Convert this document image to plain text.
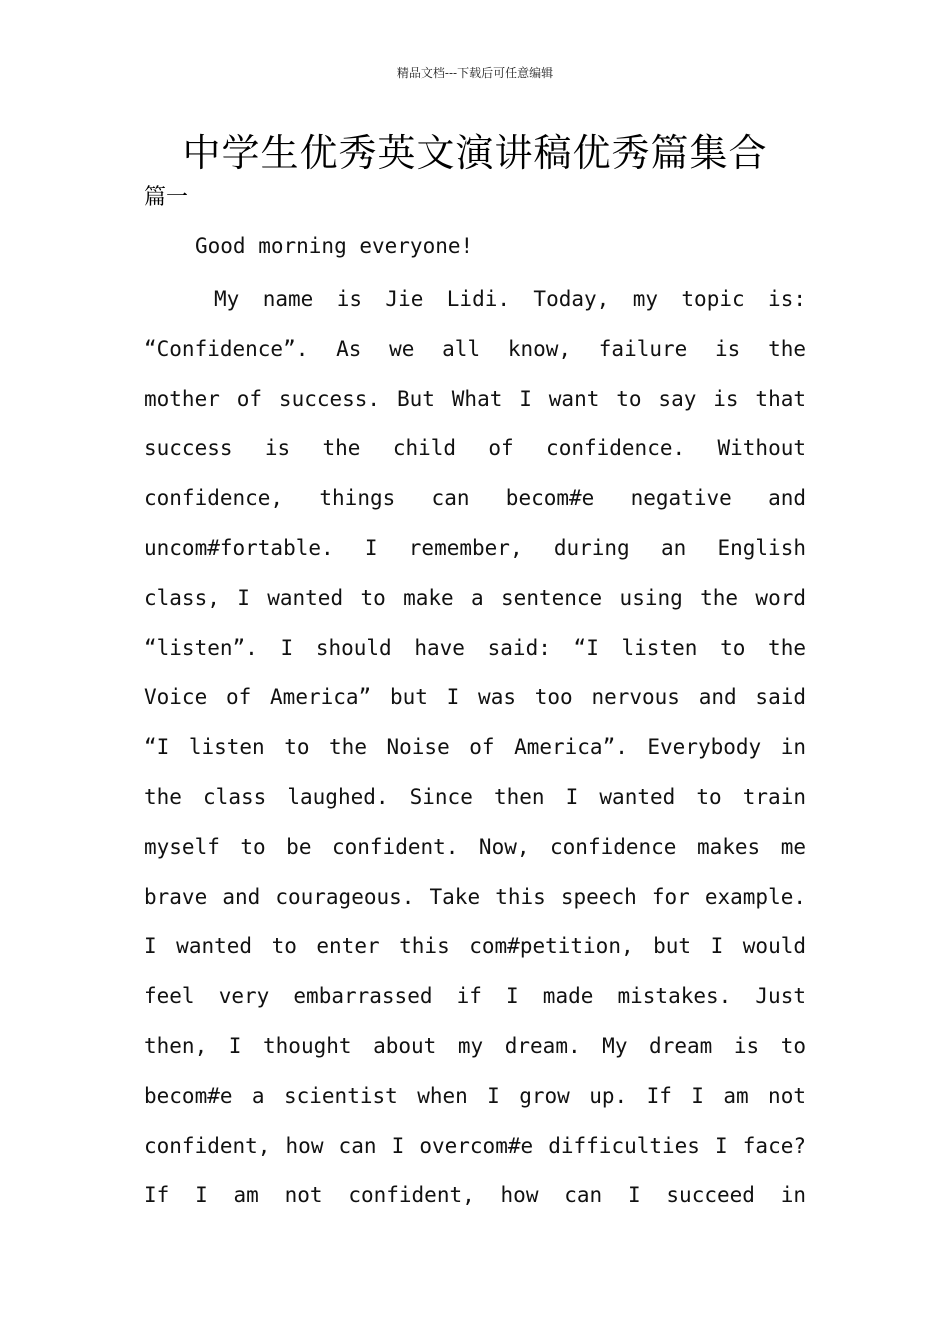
精品文档---下载后可任意编辑
中学生优秀英文演讲稿优秀篇集合
篇一
Good morning everyone!
My name is Jie Lidi. Today, my topic is:
“Confidence”. As we all know, failure is the
mother of success. But What I want to say is that
success is the child of confidence. Without
confidence, things can becom#e negative and
uncom#fortable. I remember, during an English
class, I wanted to make a sentence using the word
“listen”. I should have said: “I listen to the
Voice of America” but I was too nervous and said
“I listen to the Noise of America”. Everybody in
the class laughed. Since then I wanted to train
myself to be confident. Now, confidence makes me
brave and courageous. Take this speech for example.
I wanted to enter this com#petition, but I would
feel very embarrassed if I made mistakes. Just
then, I thought about my dream. My dream is to
becom#e a scientist when I grow up. If I am not
confident, how can I overcom#e difficulties I face?
If I am not confident, how can I succeed in
